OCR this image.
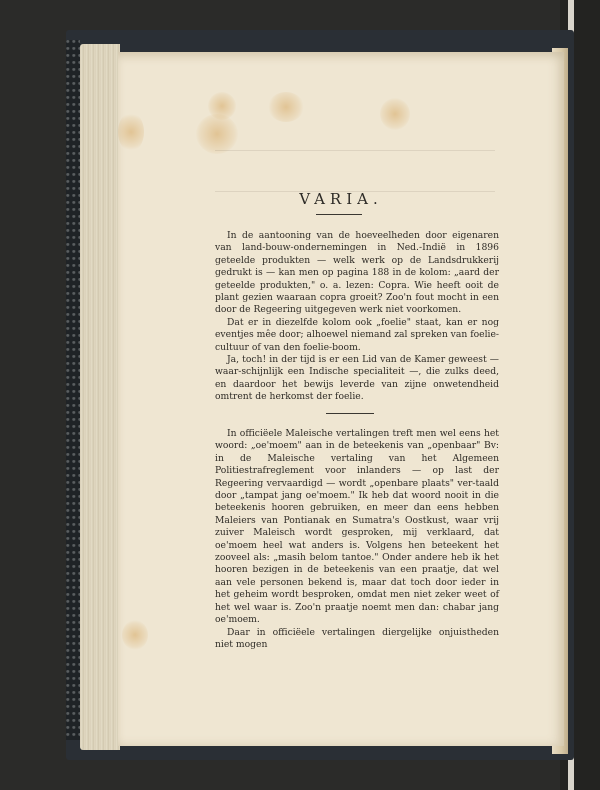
VARIA.

In de aantooning van de hoeveelheden door eigenaren van land-bouw-ondernemingen in Ned.-Indië in 1896 geteelde produkten — welk werk op de Landsdrukkerij gedrukt is — kan men op pagina 188 in de kolom: „aard der geteelde produkten," o. a. lezen: Copra. Wie heeft ooit de plant gezien waaraan copra groeit? Zoo'n fout mocht in een door de Regeering uitgegeven werk niet voorkomen.

Dat er in diezelfde kolom ook „foelie" staat, kan er nog eventjes mêe door; alhoewel niemand zal spreken van foelie-cultuur of van den foelie-boom.

Ja, toch! in der tijd is er een Lid van de Kamer geweest — waar-schijnlijk een Indische specialiteit —, die zulks deed, en daardoor het bewijs leverde van zijne onwetendheid omtrent de herkomst der foelie.

In officiëele Maleische vertalingen treft men wel eens het woord: „oe'moem" aan in de beteekenis van „openbaar" Bv: in de Maleische vertaling van het Algemeen Politiestrafreglement voor inlanders — op last der Regeering vervaardigd — wordt „openbare plaats" ver-taald door „tampat jang oe'moem." Ik heb dat woord nooit in die beteekenis hooren gebruiken, en meer dan eens hebben Maleiers van Pontianak en Sumatra's Oostkust, waar vrij zuiver Maleisch wordt gesproken, mij verklaard, dat oe'moem heel wat anders is. Volgens hen beteekent het zooveel als: „masih belom tantoe." Onder andere heb ik het hooren bezigen in de beteekenis van een praatje, dat wel aan vele personen bekend is, maar dat toch door ieder in het geheim wordt besproken, omdat men niet zeker weet of het wel waar is. Zoo'n praatje noemt men dan: chabar jang oe'moem.

Daar in officiëele vertalingen diergelijke onjuistheden niet mogen
